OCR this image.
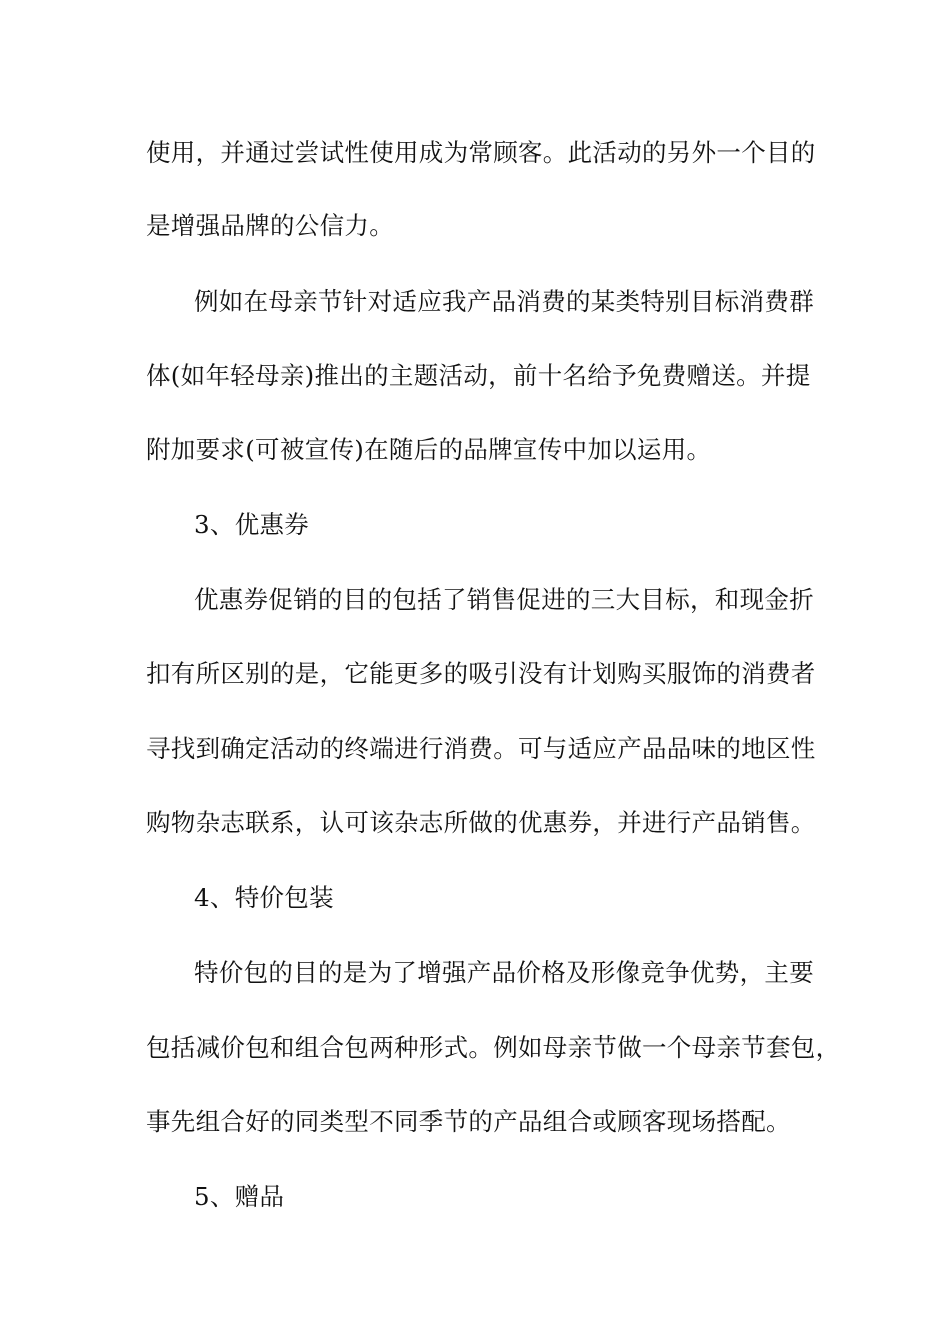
使用，并通过尝试性使用成为常顾客。此活动的另外一个目的
是增强品牌的公信力。
例如在母亲节针对适应我产品消费的某类特别目标消费群
体(如年轻母亲)推出的主题活动，前十名给予免费赠送。并提
附加要求(可被宣传)在随后的品牌宣传中加以运用。
3、优惠券
优惠券促销的目的包括了销售促进的三大目标，和现金折
扣有所区别的是，它能更多的吸引没有计划购买服饰的消费者
寻找到确定活动的终端进行消费。可与适应产品品味的地区性
购物杂志联系，认可该杂志所做的优惠券，并进行产品销售。
4、特价包装
特价包的目的是为了增强产品价格及形像竞争优势，主要
包括减价包和组合包两种形式。例如母亲节做一个母亲节套包，
事先组合好的同类型不同季节的产品组合或顾客现场搭配。
5、赠品
